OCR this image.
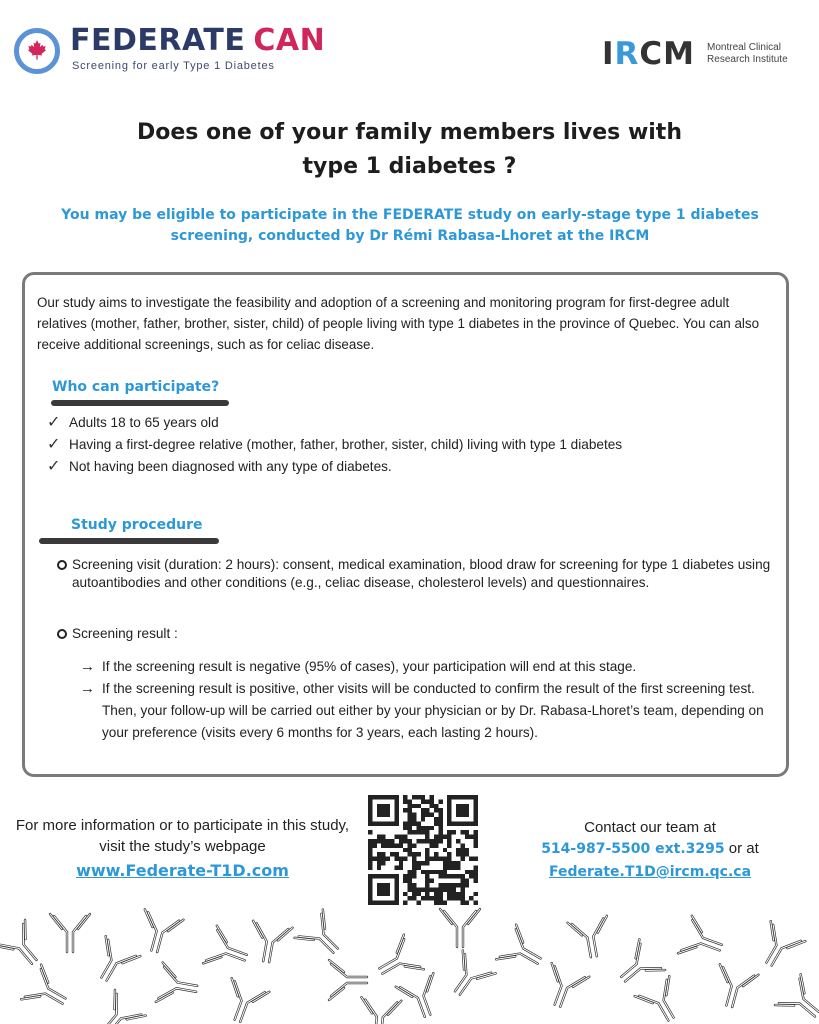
FEDERATE CAN
Screening for early Type 1 Diabetes	IRCM Montreal Clinical
Research Institute
Does one of your family members lives with
type 1 diabetes ?
You may be eligible to participate in the FEDERATE study on early-stage type 1 diabetes
screening, conducted by Dr Rémi Rabasa-Lhoret at the IRCM

Our study aims to investigate the feasibility and adoption of a screening and monitoring program for first-degree adult relatives (mother, father, brother, sister, child) of people living with type 1 diabetes in the province of Quebec. You can also receive additional screenings, such as for celiac disease.

Who can participate?
✓ Adults 18 to 65 years old
✓ Having a first-degree relative (mother, father, brother, sister, child) living with type 1 diabetes
✓ Not having been diagnosed with any type of diabetes.
Study procedure
Screening visit (duration: 2 hours): consent, medical examination, blood draw for screening for type 1 diabetes using autoantibodies and other conditions (e.g., celiac disease, cholesterol levels) and questionnaires.
Screening result :
→ If the screening result is negative (95% of cases), your participation will end at this stage.
→ If the screening result is positive, other visits will be conducted to confirm the result of the first screening test. Then, your follow-up will be carried out either by your physician or by Dr. Rabasa-Lhoret’s team, depending on your preference (visits every 6 months for 3 years, each lasting 2 hours).
For more information or to participate in this study, visit the study’s webpage
www.Federate-T1D.com
Contact our team at
514-987-5500 ext.3295 or at
Federate.T1D@ircm.qc.ca
